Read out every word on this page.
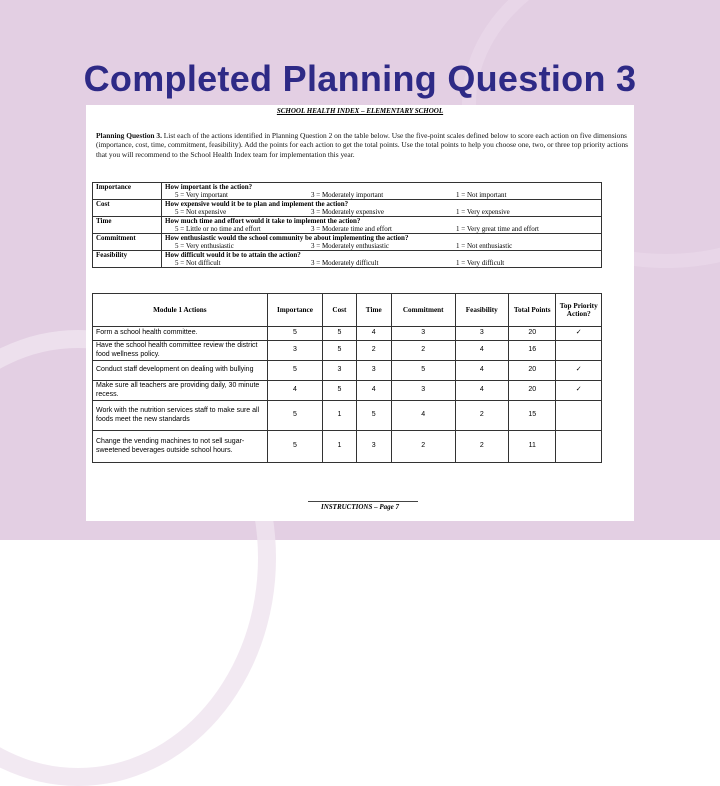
Completed Planning Question 3
SCHOOL HEALTH INDEX – ELEMENTARY SCHOOL
Planning Question 3. List each of the actions identified in Planning Question 2 on the table below. Use the five-point scales defined below to score each action on five dimensions (importance, cost, time, commitment, feasibility). Add the points for each action to get the total points. Use the total points to help you choose one, two, or three top priority actions that you will recommend to the School Health Index team for implementation this year.
Importance	How important is the action?
5 = Very important 3 = Moderately important 1 = Not important

Cost	How expensive would it be to plan and implement the action?
5 = Not expensive 3 = Moderately expensive 1 = Very expensive

Time	How much time and effort would it take to implement the action?
5 = Little or no time and effort 3 = Moderate time and effort 1 = Very great time and effort

Commitment	How enthusiastic would the school community be about implementing the action?
5 = Very enthusiastic 3 = Moderately enthusiastic 1 = Not enthusiastic

Feasibility	How difficult would it be to attain the action?
5 = Not difficult 3 = Moderately difficult 1 = Very difficult
Module 1 Actions	Importance	Cost	Time	Commitment	Feasibility	Total Points	Top Priority Action?
Form a school health committee.	5	5	4	3	3	20	✓
Have the school health committee review the district food wellness policy.	3	5	2	2	4	16	
Conduct staff development on dealing with bullying	5	3	3	5	4	20	✓
Make sure all teachers are providing daily, 30 minute recess.	4	5	4	3	4	20	✓
Work with the nutrition services staff to make sure all foods meet the new standards	5	1	5	4	2	15	
Change the vending machines to not sell sugar-sweetened beverages outside school hours.	5	1	3	2	2	11	
INSTRUCTIONS – Page 7
